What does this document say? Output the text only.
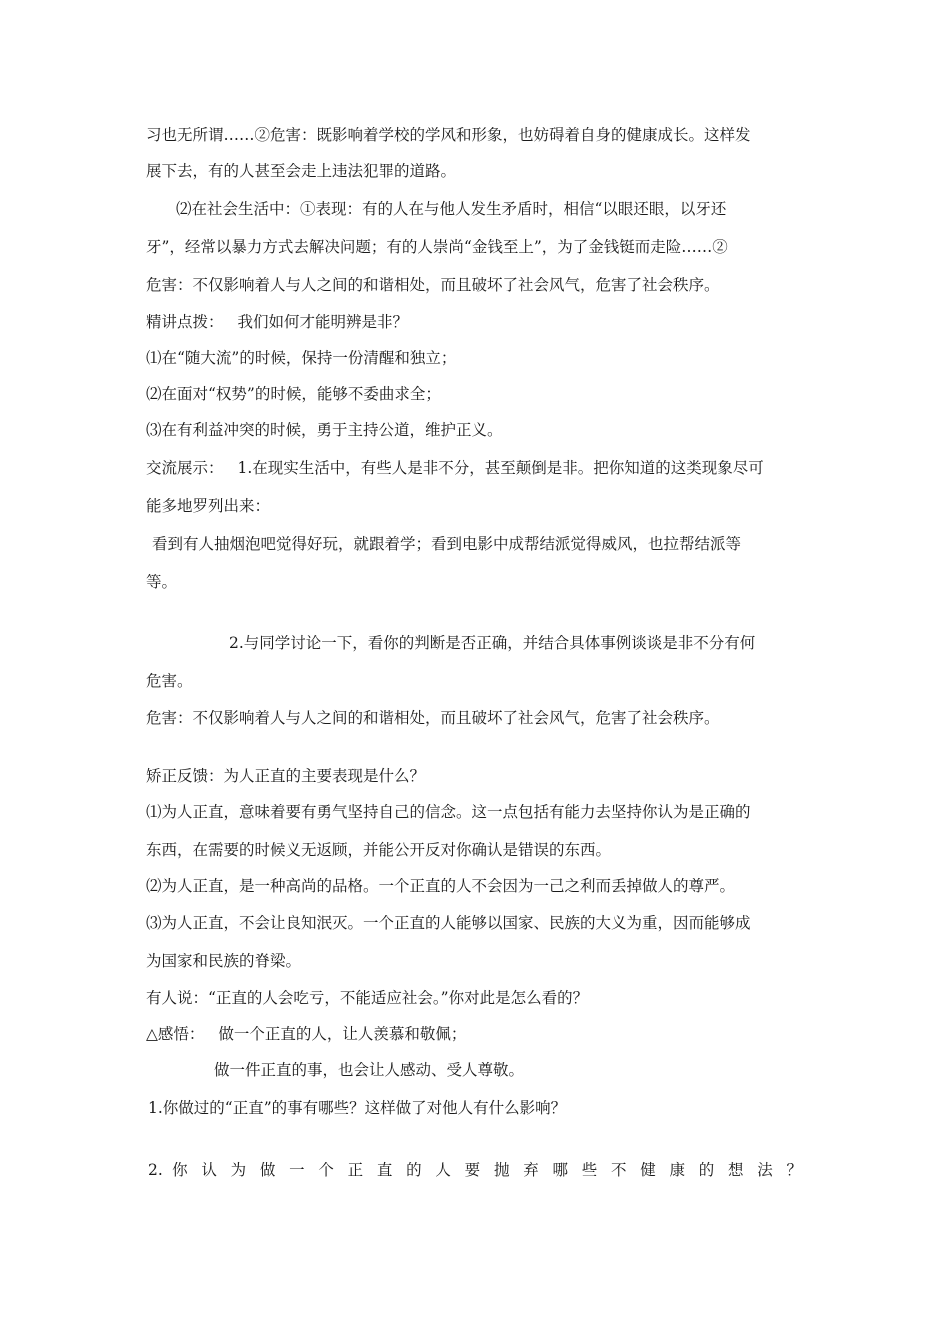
习也无所谓……②危害：既影响着学校的学风和形象，也妨碍着自身的健康成长。这样发
展下去，有的人甚至会走上违法犯罪的道路。
⑵在社会生活中：①表现：有的人在与他人发生矛盾时，相信“以眼还眼，以牙还
牙”，经常以暴力方式去解决问题；有的人崇尚“金钱至上”，为了金钱铤而走险……②
危害：不仅影响着人与人之间的和谐相处，而且破坏了社会风气，危害了社会秩序。
精讲点拨： 我们如何才能明辨是非？
⑴在“随大流”的时候，保持一份清醒和独立；
⑵在面对“权势”的时候，能够不委曲求全；
⑶在有利益冲突的时候，勇于主持公道，维护正义。
交流展示： 1.在现实生活中，有些人是非不分，甚至颠倒是非。把你知道的这类现象尽可
能多地罗列出来：
看到有人抽烟泡吧觉得好玩，就跟着学；看到电影中成帮结派觉得威风，也拉帮结派等
等。
2.与同学讨论一下，看你的判断是否正确，并结合具体事例谈谈是非不分有何
危害。
危害：不仅影响着人与人之间的和谐相处，而且破坏了社会风气，危害了社会秩序。
矫正反馈：为人正直的主要表现是什么？
⑴为人正直，意味着要有勇气坚持自己的信念。这一点包括有能力去坚持你认为是正确的
东西，在需要的时候义无返顾，并能公开反对你确认是错误的东西。
⑵为人正直，是一种高尚的品格。一个正直的人不会因为一己之利而丢掉做人的尊严。
⑶为人正直，不会让良知泯灭。一个正直的人能够以国家、民族的大义为重，因而能够成
为国家和民族的脊梁。
有人说：“正直的人会吃亏，不能适应社会。”你对此是怎么看的？
△感悟： 做一个正直的人，让人羡慕和敬佩；
做一件正直的事，也会让人感动、受人尊敬。
1.你做过的“正直”的事有哪些？这样做了对他人有什么影响？
2. 你 认 为 做 一 个 正 直 的 人 要 抛 弃 哪 些 不 健 康 的 想 法 ？
